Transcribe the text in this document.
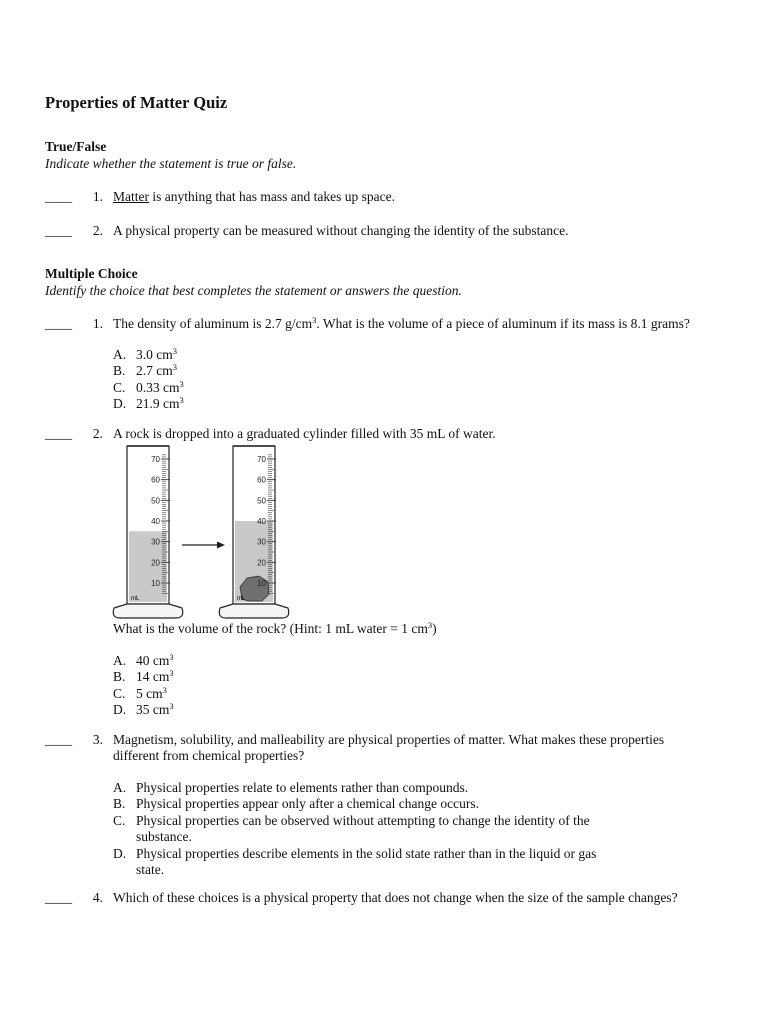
Properties of Matter Quiz
True/False
Indicate whether the statement is true or false.
____ 1. Matter is anything that has mass and takes up space.
____ 2. A physical property can be measured without changing the identity of the substance.
Multiple Choice
Identify the choice that best completes the statement or answers the question.
____ 1. The density of aluminum is 2.7 $g/cm^3$. What is the volume of a piece of aluminum if its mass is 8.1 grams?
A. 3.0 $cm^3$
B. 2.7 $cm^3$
C. 0.33 $cm^3$
D. 21.9 $cm^3$
____ 2. A rock is dropped into a graduated cylinder filled with 35 mL of water.
70
60
50
40
30
20
10
mL
70
60
50
40
30
20
10
mL
What is the volume of the rock? (Hint: 1 mL water = 1 $cm^3$)
A. 40 $cm^3$
B. 14 $cm^3$
C. 5 $cm^3$
D. 35 $cm^3$
____ 3. Magnetism, solubility, and malleability are physical properties of matter. What makes these properties different from chemical properties?
A. Physical properties relate to elements rather than compounds.
B. Physical properties appear only after a chemical change occurs.
C. Physical properties can be observed without attempting to change the identity of the substance.
D. Physical properties describe elements in the solid state rather than in the liquid or gas state.
____ 4. Which of these choices is a physical property that does not change when the size of the sample changes?
